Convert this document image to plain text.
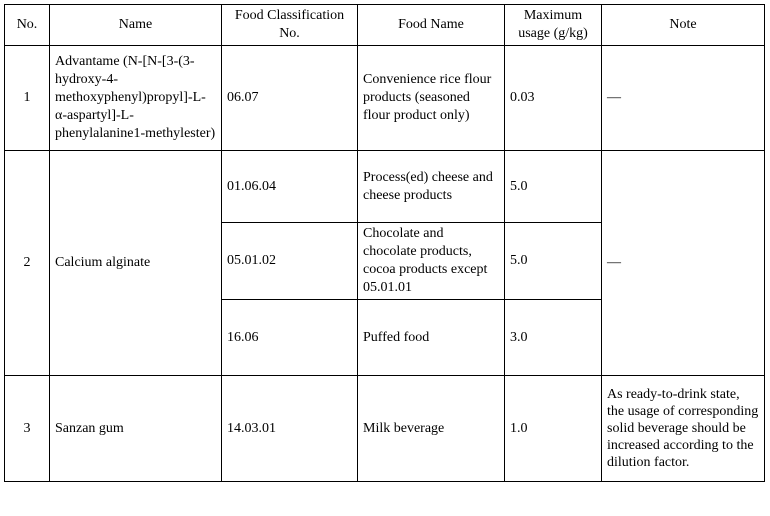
No.	Name	Food Classification No.	Food Name	Maximum usage (g/kg)	Note
1	Advantame (N-[N-[3-(3-hydroxy-4-methoxyphenyl)propyl]-L-α-aspartyl]-L-phenylalanine1-methylester)	06.07	Convenience rice flour products (seasoned flour product only)	0.03	—
2	Calcium alginate	01.06.04	Process(ed) cheese and cheese products	5.0	—
		05.01.02	Chocolate and chocolate products, cocoa products except 05.01.01	5.0	
		16.06	Puffed food	3.0	
3	Sanzan gum	14.03.01	Milk beverage	1.0	As ready-to-drink state, the usage of corresponding solid beverage should be increased according to the dilution factor.
